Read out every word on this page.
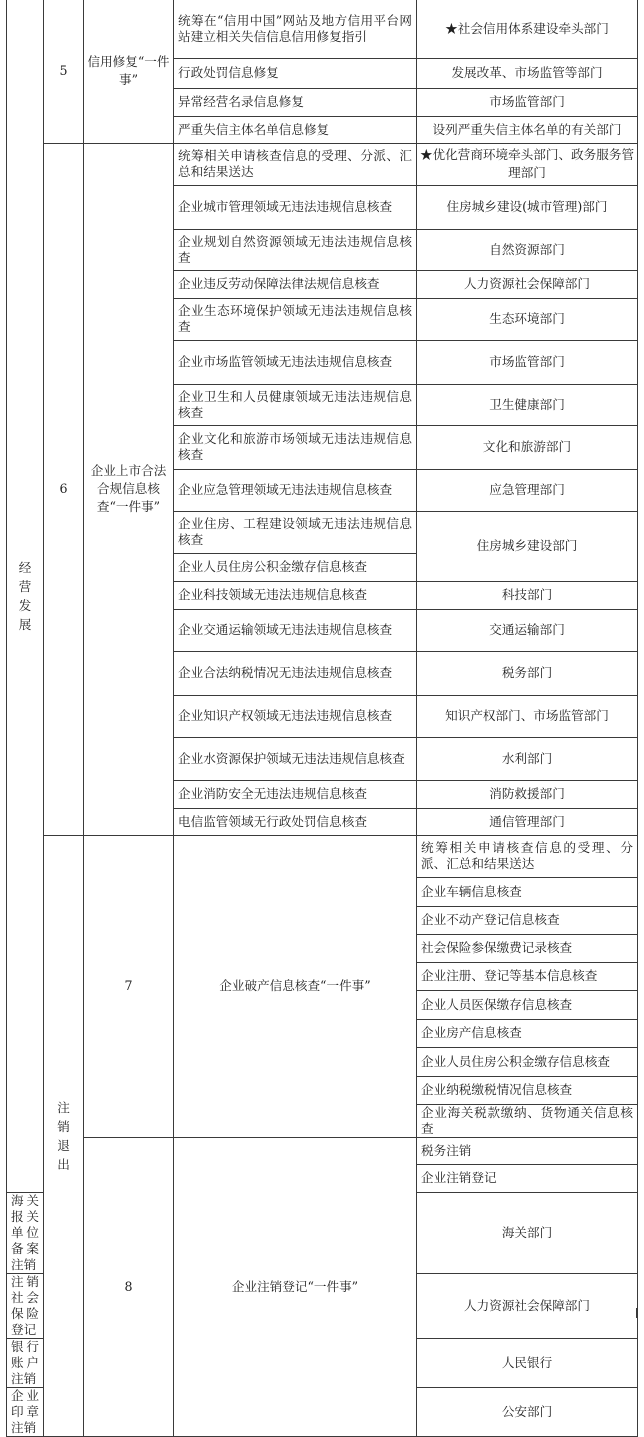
经营发展	5	信用修复“一件事”	统筹在“信用中国”网站及地方信用平台网站建立相关失信信息信用修复指引	★社会信用体系建设牵头部门	
			行政处罚信息修复	发展改革、市场监管等部门	
			异常经营名录信息修复	市场监管部门	
			严重失信主体名单信息修复	设列严重失信主体名单的有关部门	
	6	企业上市合法合规信息核查“一件事”	统筹相关申请核查信息的受理、分派、汇总和结果送达	★优化营商环境牵头部门、政务服务管理部门	
			企业城市管理领域无违法违规信息核查	住房城乡建设(城市管理)部门	
			企业规划自然资源领域无违法违规信息核查	自然资源部门	
			企业违反劳动保障法律法规信息核查	人力资源社会保障部门	
			企业生态环境保护领域无违法违规信息核查	生态环境部门	
			企业市场监管领域无违法违规信息核查	市场监管部门	
			企业卫生和人员健康领域无违法违规信息核查	卫生健康部门	
			企业文化和旅游市场领域无违法违规信息核查	文化和旅游部门	
			企业应急管理领域无违法违规信息核查	应急管理部门	
			企业住房、工程建设领域无违法违规信息核查	住房城乡建设部门	
			企业人员住房公积金缴存信息核查		
			企业科技领域无违法违规信息核查	科技部门	
			企业交通运输领域无违法违规信息核查	交通运输部门	
			企业合法纳税情况无违法违规信息核查	税务部门	
			企业知识产权领域无违法违规信息核查	知识产权部门、市场监管部门	
			企业水资源保护领域无违法违规信息核查	水利部门	
			企业消防安全无违法违规信息核查	消防救援部门	
			电信监管领域无行政处罚信息核查	通信管理部门	
	注销退出	7	企业破产信息核查“一件事”	统筹相关申请核查信息的受理、分派、汇总和结果送达	
				企业车辆信息核查	
				企业不动产登记信息核查	
				社会保险参保缴费记录核查	
				企业注册、登记等基本信息核查	
				企业人员医保缴存信息核查	
				企业房产信息核查	
				企业人员住房公积金缴存信息核查	
				企业纳税缴税情况信息核查	
				企业海关税款缴纳、货物通关信息核查	
		8	企业注销登记“一件事”	税务注销	
				企业注销登记	
海关报关单位备案注销				海关部门	
注销社会保险登记				人力资源社会保障部门	
银行账户注销				人民银行	
企业印章注销				公安部门	
